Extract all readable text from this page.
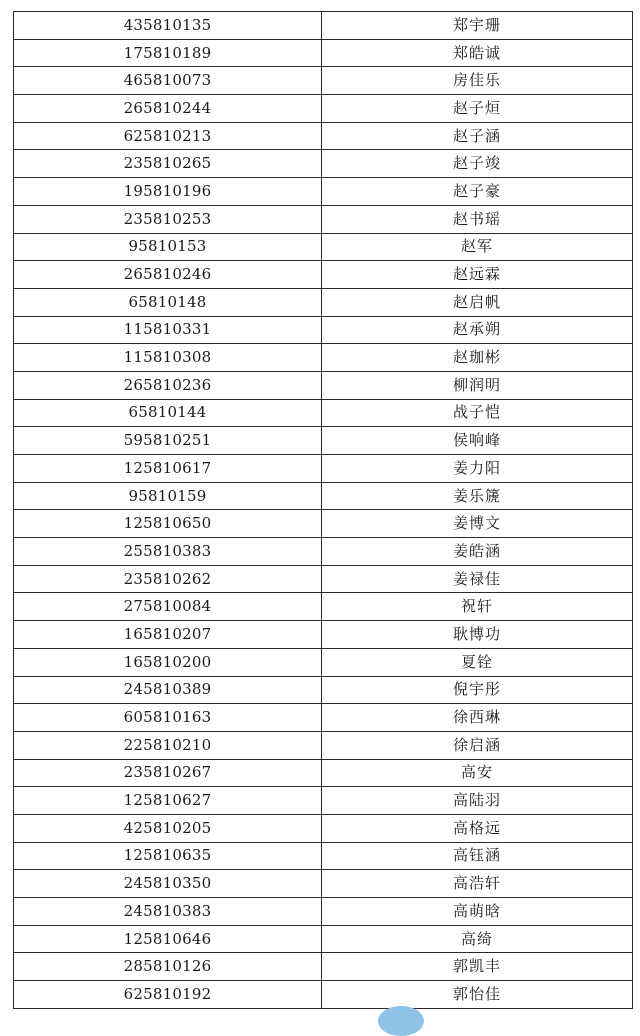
435810135	郑宇珊
175810189	郑皓诚
465810073	房佳乐
265810244	赵子烜
625810213	赵子涵
235810265	赵子竣
195810196	赵子豪
235810253	赵书瑶
95810153	赵军
265810246	赵远霖
65810148	赵启帆
115810331	赵承朔
115810308	赵珈彬
265810236	柳润明
65810144	战子恺
595810251	侯响峰
125810617	姜力阳
95810159	姜乐篪
125810650	姜博文
255810383	姜皓涵
235810262	姜禄佳
275810084	祝轩
165810207	耿博功
165810200	夏铨
245810389	倪宇彤
605810163	徐西琳
225810210	徐启涵
235810267	高安
125810627	高陆羽
425810205	高格远
125810635	高钰涵
245810350	高浩轩
245810383	高萌晗
125810646	高绮
285810126	郭凯丰
625810192	郭怡佳
